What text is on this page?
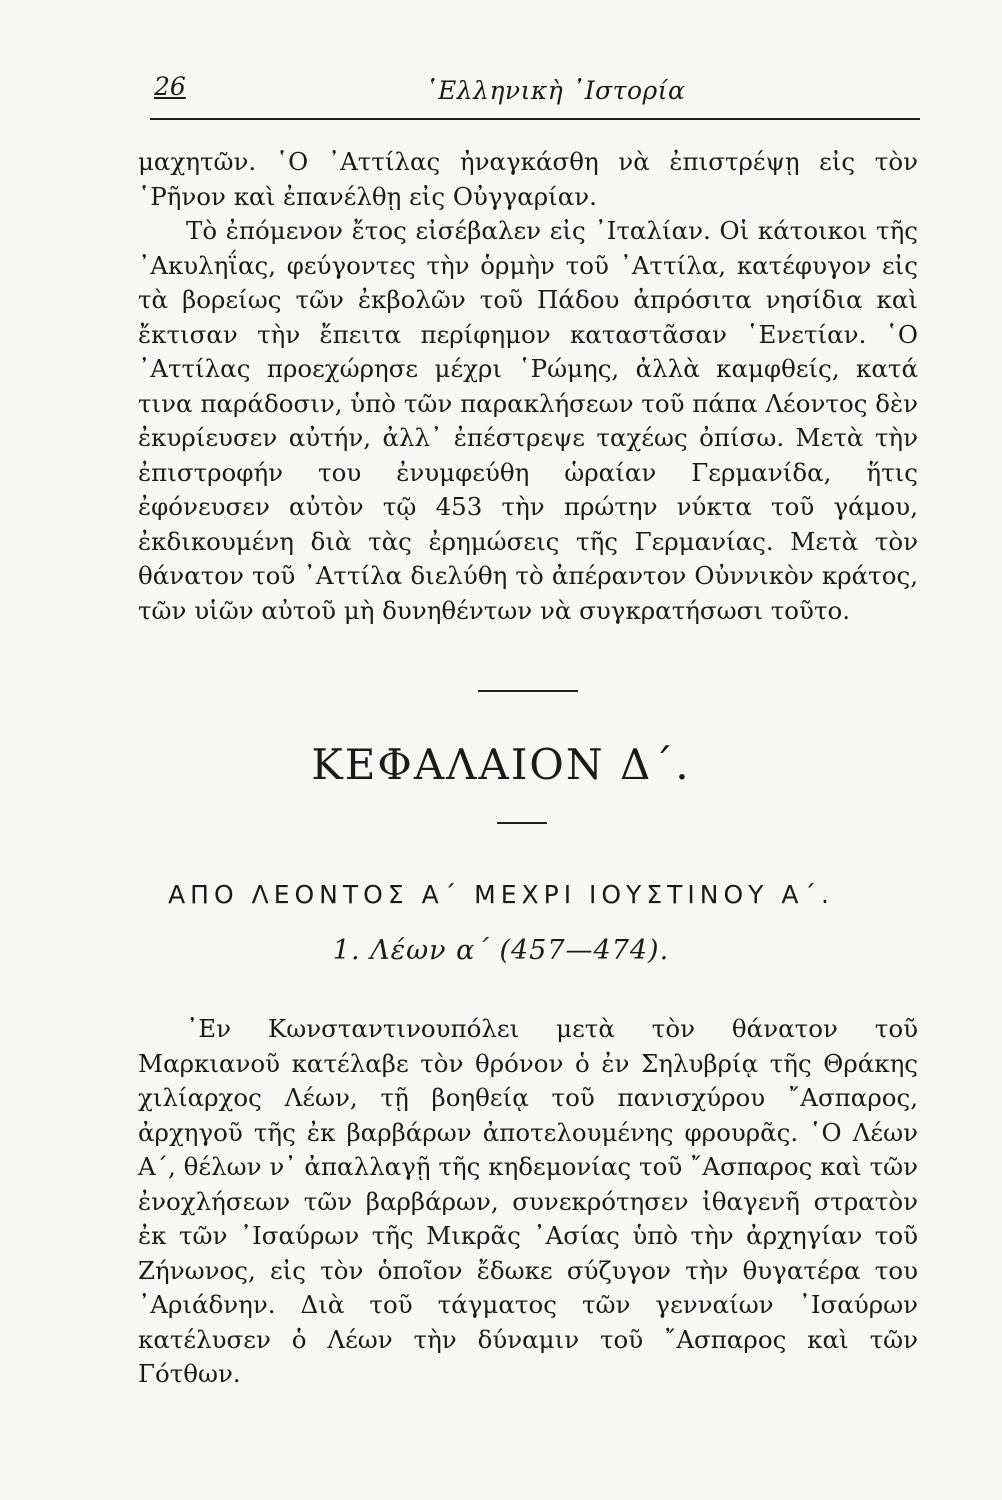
26	῾Ελληνικὴ ᾿Ιστορία

μαχητῶν. ῾Ο ᾿Αττίλας ἠναγκάσθη νὰ ἐπιστρέψῃ εἰς τὸν ῾Ρῆνον καὶ ἐπανέλθῃ εἰς Οὐγγαρίαν.

Τὸ ἐπόμενον ἔτος εἰσέβαλεν εἰς ᾿Ιταλίαν. Οἱ κάτοικοι τῆς ᾿Ακυληΐας, φεύγοντες τὴν ὁρμὴν τοῦ ᾿Αττίλα, κατέφυγον εἰς τὰ βορείως τῶν ἐκβολῶν τοῦ Πάδου ἀπρόσιτα νησίδια καὶ ἔκτισαν τὴν ἔπειτα περίφημον καταστᾶσαν ῾Ενετίαν. ῾Ο ᾿Αττίλας προεχώρησε μέχρι ῾Ρώμης, ἀλλὰ καμφθείς, κατά τινα παράδοσιν, ὑπὸ τῶν παρακλήσεων τοῦ πάπα Λέοντος δὲν ἐκυρίευσεν αὐτήν, ἀλλ᾿ ἐπέστρεψε ταχέως ὀπίσω. Μετὰ τὴν ἐπιστροφήν του ἐνυμφεύθη ὡραίαν Γερμανίδα, ἥτις ἐφόνευσεν αὐτὸν τῷ 453 τὴν πρώτην νύκτα τοῦ γάμου, ἐκδικουμένη διὰ τὰς ἐρημώσεις τῆς Γερμανίας. Μετὰ τὸν θάνατον τοῦ ᾿Αττίλα διελύθη τὸ ἀπέραντον Οὐννικὸν κράτος, τῶν υἱῶν αὐτοῦ μὴ δυνηθέντων νὰ συγκρατήσωσι τοῦτο.

ΚΕΦΑΛΑΙΟΝ Δ΄.
ΑΠΟ ΛΕΟΝΤΟΣ Α΄ ΜΕΧΡΙ ΙΟΥΣΤΙΝΟΥ Α΄.
1. Λέων α΄ (457—474).

᾿Εν Κωνσταντινουπόλει μετὰ τὸν θάνατον τοῦ Μαρκιανοῦ κατέλαβε τὸν θρόνον ὁ ἐν Σηλυβρίᾳ τῆς Θράκης χιλίαρχος Λέων, τῇ βοηθείᾳ τοῦ πανισχύρου ῎Ασπαρος, ἀρχηγοῦ τῆς ἐκ βαρβάρων ἀποτελουμένης φρουρᾶς. ῾Ο Λέων Α΄, θέλων ν᾿ ἀπαλλαγῇ τῆς κηδεμονίας τοῦ ῎Ασπαρος καὶ τῶν ἐνοχλήσεων τῶν βαρβάρων, συνεκρότησεν ἰθαγενῆ στρατὸν ἐκ τῶν ᾿Ισαύρων τῆς Μικρᾶς ᾿Ασίας ὑπὸ τὴν ἀρχηγίαν τοῦ Ζήνωνος, εἰς τὸν ὁποῖον ἔδωκε σύζυγον τὴν θυγατέρα του ᾿Αριάδνην. Διὰ τοῦ τάγματος τῶν γενναίων ᾿Ισαύρων κατέλυσεν ὁ Λέων τὴν δύναμιν τοῦ ῎Ασπαρος καὶ τῶν Γότθων.
